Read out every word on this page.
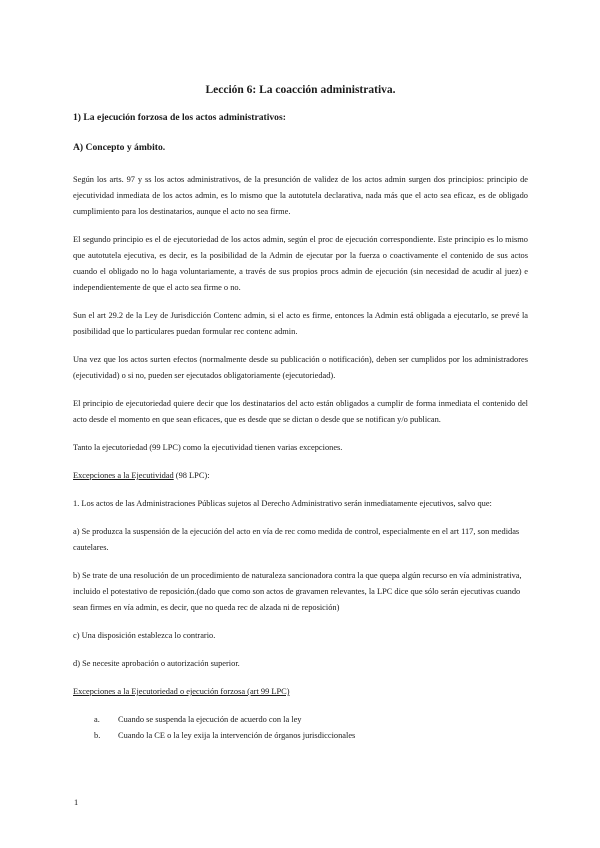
Lección 6: La coacción administrativa.
1) La ejecución forzosa de los actos administrativos:
A) Concepto y ámbito.

Según los arts. 97 y ss los actos administrativos, de la presunción de validez de los actos admin surgen dos principios: principio de ejecutividad inmediata de los actos admin, es lo mismo que la autotutela declarativa, nada más que el acto sea eficaz, es de obligado cumplimiento para los destinatarios, aunque el acto no sea firme.

El segundo principio es el de ejecutoriedad de los actos admin, según el proc de ejecución correspondiente. Este principio es lo mismo que autotutela ejecutiva, es decir, es la posibilidad de la Admin de ejecutar por la fuerza o coactivamente el contenido de sus actos cuando el obligado no lo haga voluntariamente, a través de sus propios procs admin de ejecución (sin necesidad de acudir al juez) e independientemente de que el acto sea firme o no.

Sun el art 29.2 de la Ley de Jurisdicción Contenc admin, si el acto es firme, entonces la Admin está obligada a ejecutarlo, se prevé la posibilidad que lo particulares puedan formular rec contenc admin.

Una vez que los actos surten efectos (normalmente desde su publicación o notificación), deben ser cumplidos por los administradores (ejecutividad) o si no, pueden ser ejecutados obligatoriamente (ejecutoriedad).

El principio de ejecutoriedad quiere decir que los destinatarios del acto están obligados a cumplir de forma inmediata el contenido del acto desde el momento en que sean eficaces, que es desde que se dictan o desde que se notifican y/o publican.

Tanto la ejecutoriedad (99 LPC) como la ejecutividad tienen varias excepciones.

Excepciones a la Ejecutividad (98 LPC):

1. Los actos de las Administraciones Públicas sujetos al Derecho Administrativo serán inmediatamente ejecutivos, salvo que:

a) Se produzca la suspensión de la ejecución del acto en vía de rec como medida de control, especialmente en el art 117, son medidas cautelares.

b) Se trate de una resolución de un procedimiento de naturaleza sancionadora contra la que quepa algún recurso en vía administrativa, incluido el potestativo de reposición.(dado que como son actos de gravamen relevantes, la LPC dice que sólo serán ejecutivas cuando sean firmes en vía admin, es decir, que no queda rec de alzada ni de reposición)

c) Una disposición establezca lo contrario.

d) Se necesite aprobación o autorización superior.

Excepciones a la Ejecutoriedad o ejecución forzosa (art 99 LPC)

a.	Cuando se suspenda la ejecución de acuerdo con la ley
b.	Cuando la CE o la ley exija la intervención de órganos jurisdiccionales
1
